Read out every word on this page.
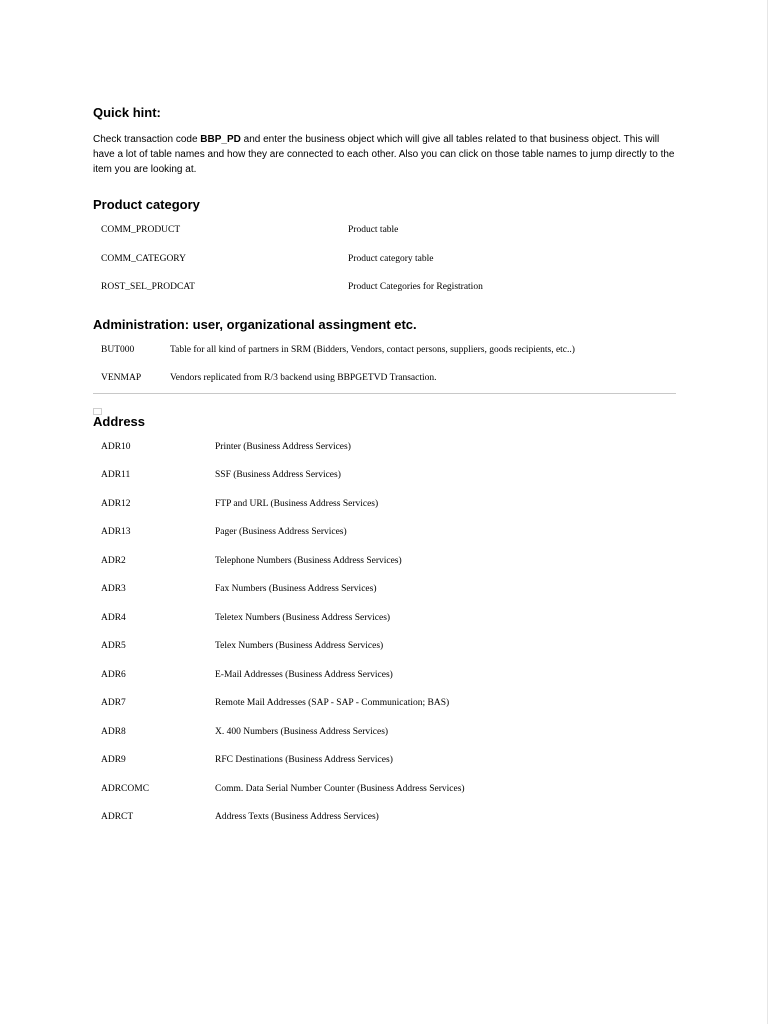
Quick hint:

Check transaction code BBP_PD and enter the business object which will give all tables related to that business object. This will have a lot of table names and how they are connected to each other. Also you can click on those table names to jump directly to the item you are looking at.

Product category
COMM_PRODUCT	Product table
COMM_CATEGORY	Product category table
ROST_SEL_PRODCAT	Product Categories for Registration
Administration: user, organizational assingment etc.
BUT000	Table for all kind of partners in SRM (Bidders, Vendors, contact persons, suppliers, goods recipients, etc..)
VENMAP	Vendors replicated from R/3 backend using BBPGETVD Transaction.
Address
ADR10	Printer (Business Address Services)
ADR11	SSF (Business Address Services)
ADR12	FTP and URL (Business Address Services)
ADR13	Pager (Business Address Services)
ADR2	Telephone Numbers (Business Address Services)
ADR3	Fax Numbers (Business Address Services)
ADR4	Teletex Numbers (Business Address Services)
ADR5	Telex Numbers (Business Address Services)
ADR6	E-Mail Addresses (Business Address Services)
ADR7	Remote Mail Addresses (SAP - SAP - Communication; BAS)
ADR8	X. 400 Numbers (Business Address Services)
ADR9	RFC Destinations (Business Address Services)
ADRCOMC	Comm. Data Serial Number Counter (Business Address Services)
ADRCT	Address Texts (Business Address Services)
